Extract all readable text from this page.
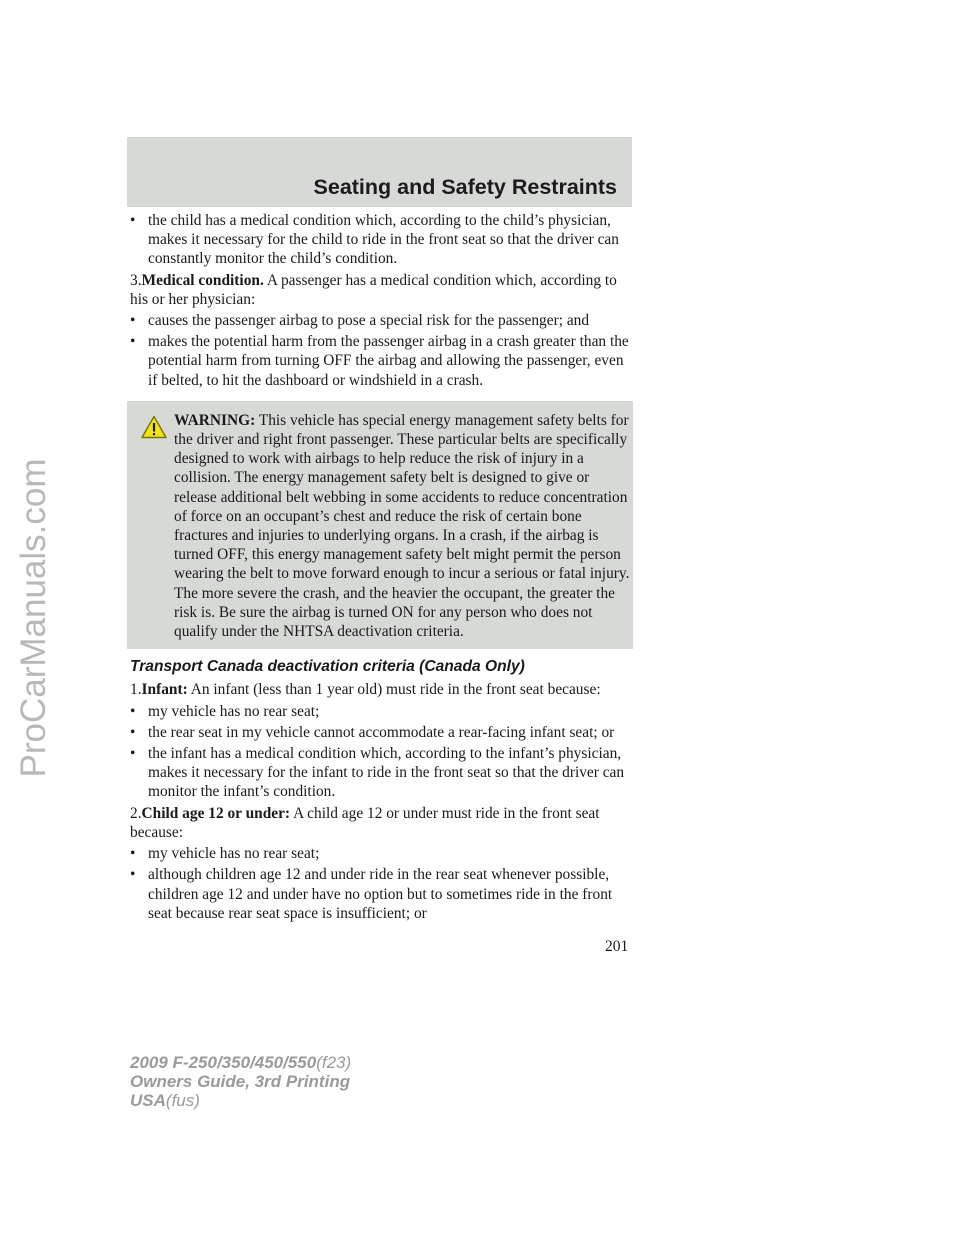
ProCarManuals.com
Seating and Safety Restraints
• the child has a medical condition which, according to the child’s physician, makes it necessary for the child to ride in the front seat so that the driver can constantly monitor the child’s condition.

3.Medical condition. A passenger has a medical condition which, according to his or her physician:

• causes the passenger airbag to pose a special risk for the passenger; and
• makes the potential harm from the passenger airbag in a crash greater than the potential harm from turning OFF the airbag and allowing the passenger, even if belted, to hit the dashboard or windshield in a crash.
WARNING: This vehicle has special energy management safety belts for the driver and right front passenger. These particular belts are specifically designed to work with airbags to help reduce the risk of injury in a collision. The energy management safety belt is designed to give or release additional belt webbing in some accidents to reduce concentration of force on an occupant’s chest and reduce the risk of certain bone fractures and injuries to underlying organs. In a crash, if the airbag is turned OFF, this energy management safety belt might permit the person wearing the belt to move forward enough to incur a serious or fatal injury. The more severe the crash, and the heavier the occupant, the greater the risk is. Be sure the airbag is turned ON for any person who does not qualify under the NHTSA deactivation criteria.
Transport Canada deactivation criteria (Canada Only)

1.Infant: An infant (less than 1 year old) must ride in the front seat because:

• my vehicle has no rear seat;
• the rear seat in my vehicle cannot accommodate a rear-facing infant seat; or
• the infant has a medical condition which, according to the infant’s physician, makes it necessary for the infant to ride in the front seat so that the driver can monitor the infant’s condition.

2.Child age 12 or under: A child age 12 or under must ride in the front seat because:

• my vehicle has no rear seat;
• although children age 12 and under ride in the rear seat whenever possible, children age 12 and under have no option but to sometimes ride in the front seat because rear seat space is insufficient; or
201
2009 F-250/350/450/550(f23)
Owners Guide, 3rd Printing
USA(fus)
